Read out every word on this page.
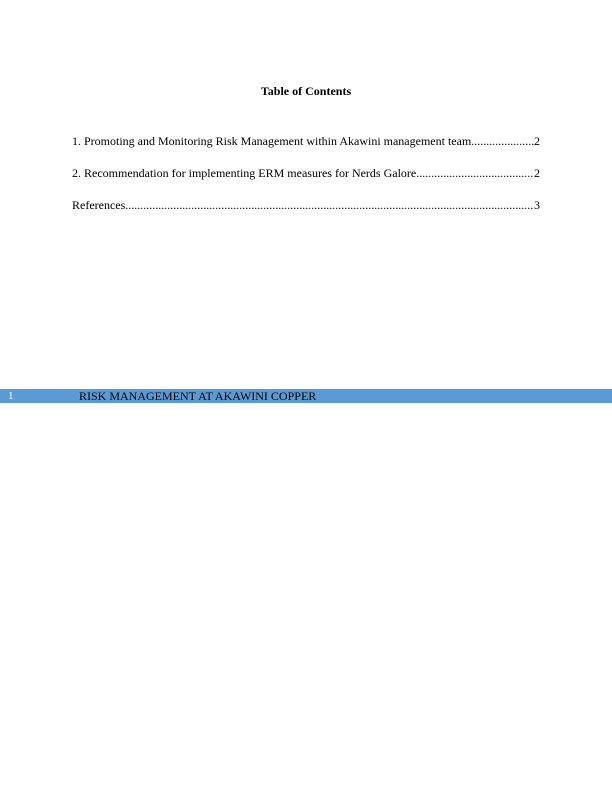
Table of Contents
1. Promoting and Monitoring Risk Management within Akawini management team .....	2
2. Recommendation for implementing ERM measures for Nerds Galore .....	2
References .....	3
1	RISK MANAGEMENT AT AKAWINI COPPER
